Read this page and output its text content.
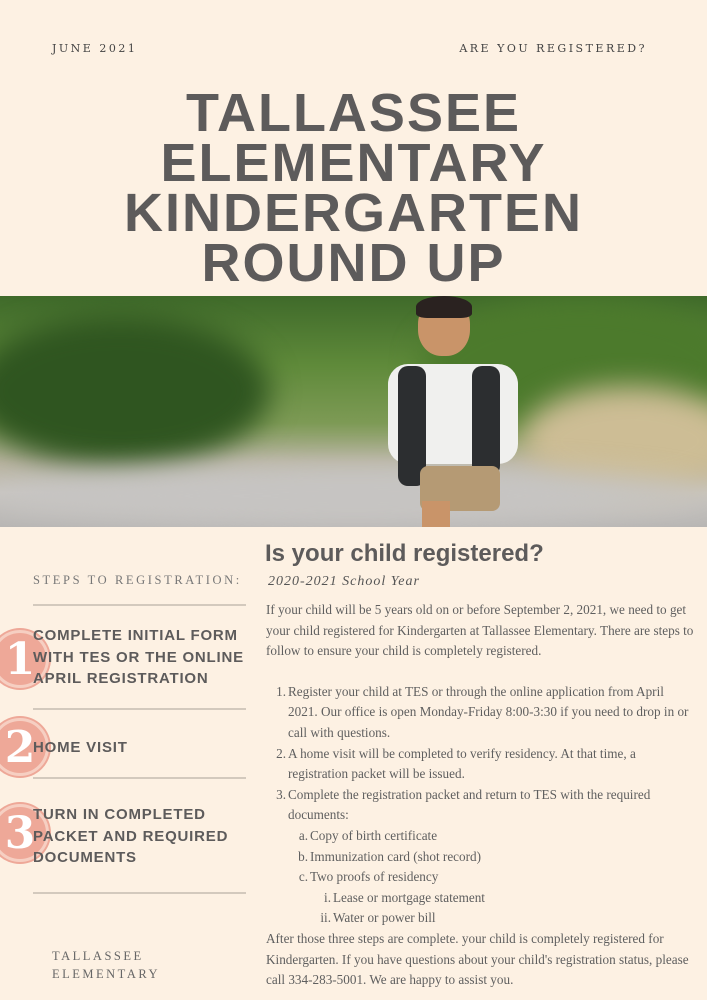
JUNE 2021	ARE YOU REGISTERED?
TALLASSEE
ELEMENTARY
KINDERGARTEN
ROUND UP
Is your child registered?
2020-2021 School Year

If your child will be 5 years old on or before September 2, 2021, we need to get your child registered for Kindergarten at Tallassee Elementary. There are steps to follow to ensure your child is completely registered.

1. Register your child at TES or through the online application from April 2021. Our office is open Monday-Friday 8:00-3:30 if you need to drop in or call with questions.
2. A home visit will be completed to verify residency. At that time, a registration packet will be issued.
3. Complete the registration packet and return to TES with the required documents:
a. Copy of birth certificate
b. Immunization card (shot record)
c. Two proofs of residency
i. Lease or mortgage statement
ii. Water or power bill

After those three steps are complete. your child is completely registered for Kindergarten. If you have questions about your child's registration status, please call 334-283-5001. We are happy to assist you.

STEPS TO REGISTRATION:
1
COMPLETE INITIAL FORM
WITH TES OR THE ONLINE
APRIL REGISTRATION
2
HOME VISIT
3
TURN IN COMPLETED
PACKET AND REQUIRED
DOCUMENTS
TALLASSEE
ELEMENTARY
